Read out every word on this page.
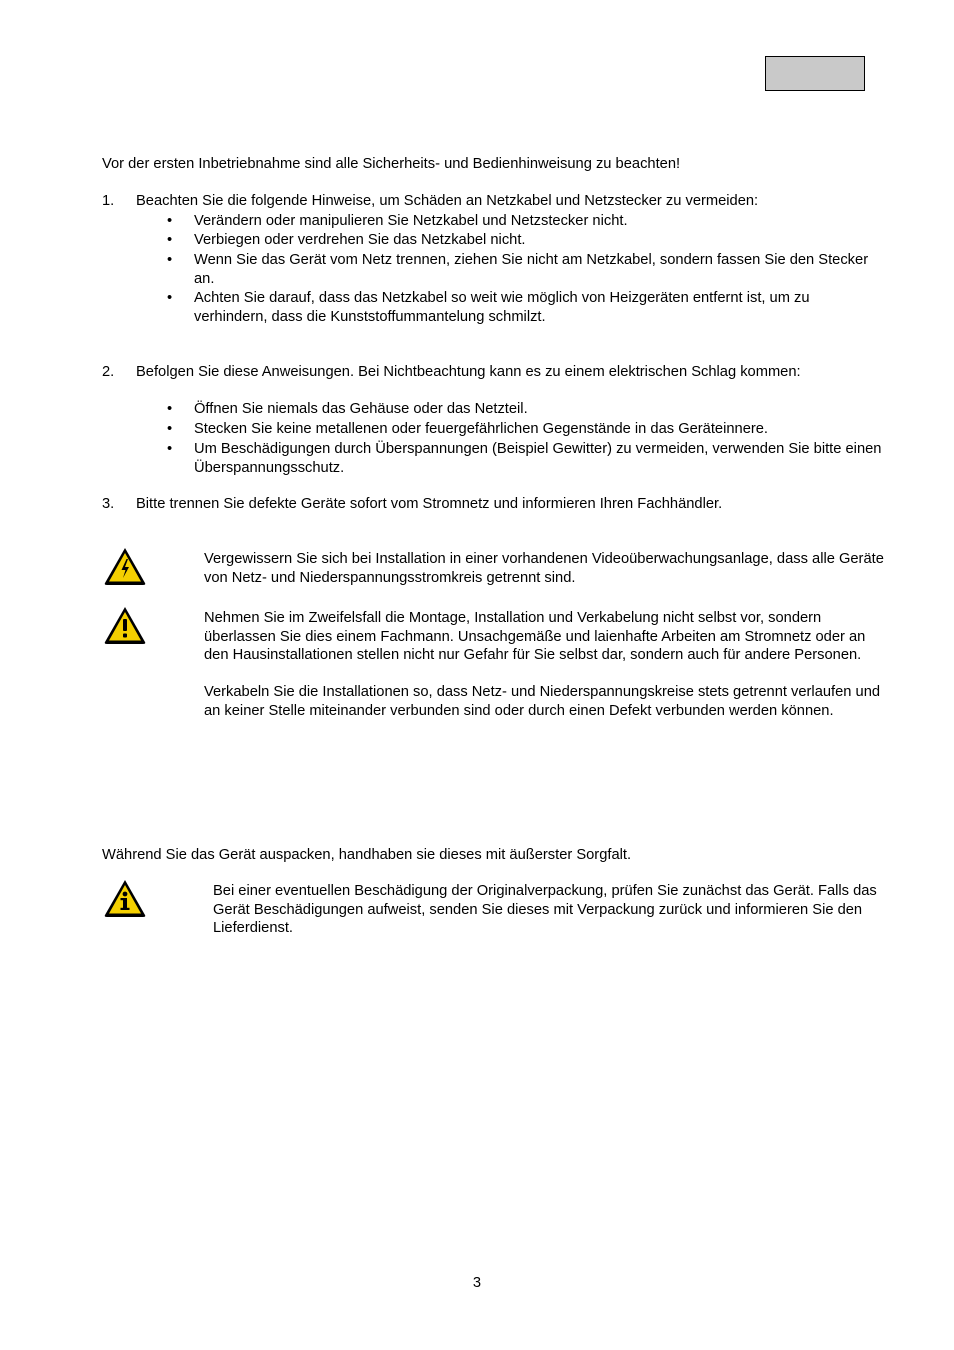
Vor der ersten Inbetriebnahme sind alle Sicherheits- und Bedienhinweisung zu beachten!
1. Beachten Sie die folgende Hinweise, um Schäden an Netzkabel und Netzstecker zu vermeiden:
• Verändern oder manipulieren Sie Netzkabel und Netzstecker nicht.
• Verbiegen oder verdrehen Sie das Netzkabel nicht.
• Wenn Sie das Gerät vom Netz trennen, ziehen Sie nicht am Netzkabel, sondern fassen Sie den Stecker an.
• Achten Sie darauf, dass das Netzkabel so weit wie möglich von Heizgeräten entfernt ist, um zu verhindern, dass die Kunststoffummantelung schmilzt.
2. Befolgen Sie diese Anweisungen. Bei Nichtbeachtung kann es zu einem elektrischen Schlag kommen:
• Öffnen Sie niemals das Gehäuse oder das Netzteil.
• Stecken Sie keine metallenen oder feuergefährlichen Gegenstände in das Geräteinnere.
• Um Beschädigungen durch Überspannungen (Beispiel Gewitter) zu vermeiden, verwenden Sie bitte einen Überspannungsschutz.
3. Bitte trennen Sie defekte Geräte sofort vom Stromnetz und informieren Ihren Fachhändler.
Vergewissern Sie sich bei Installation in einer vorhandenen Videoüberwachungsanlage, dass alle Geräte von Netz- und Niederspannungsstromkreis getrennt sind.
Nehmen Sie im Zweifelsfall die Montage, Installation und Verkabelung nicht selbst vor, sondern überlassen Sie dies einem Fachmann. Unsachgemäße und laienhafte Arbeiten am Stromnetz oder an den Hausinstallationen stellen nicht nur Gefahr für Sie selbst dar, sondern auch für andere Personen.
Verkabeln Sie die Installationen so, dass Netz- und Niederspannungskreise stets getrennt verlaufen und an keiner Stelle miteinander verbunden sind oder durch einen Defekt verbunden werden können.
Während Sie das Gerät auspacken, handhaben sie dieses mit äußerster Sorgfalt.
Bei einer eventuellen Beschädigung der Originalverpackung, prüfen Sie zunächst das Gerät. Falls das Gerät Beschädigungen aufweist, senden Sie dieses mit Verpackung zurück und informieren Sie den Lieferdienst.
3
